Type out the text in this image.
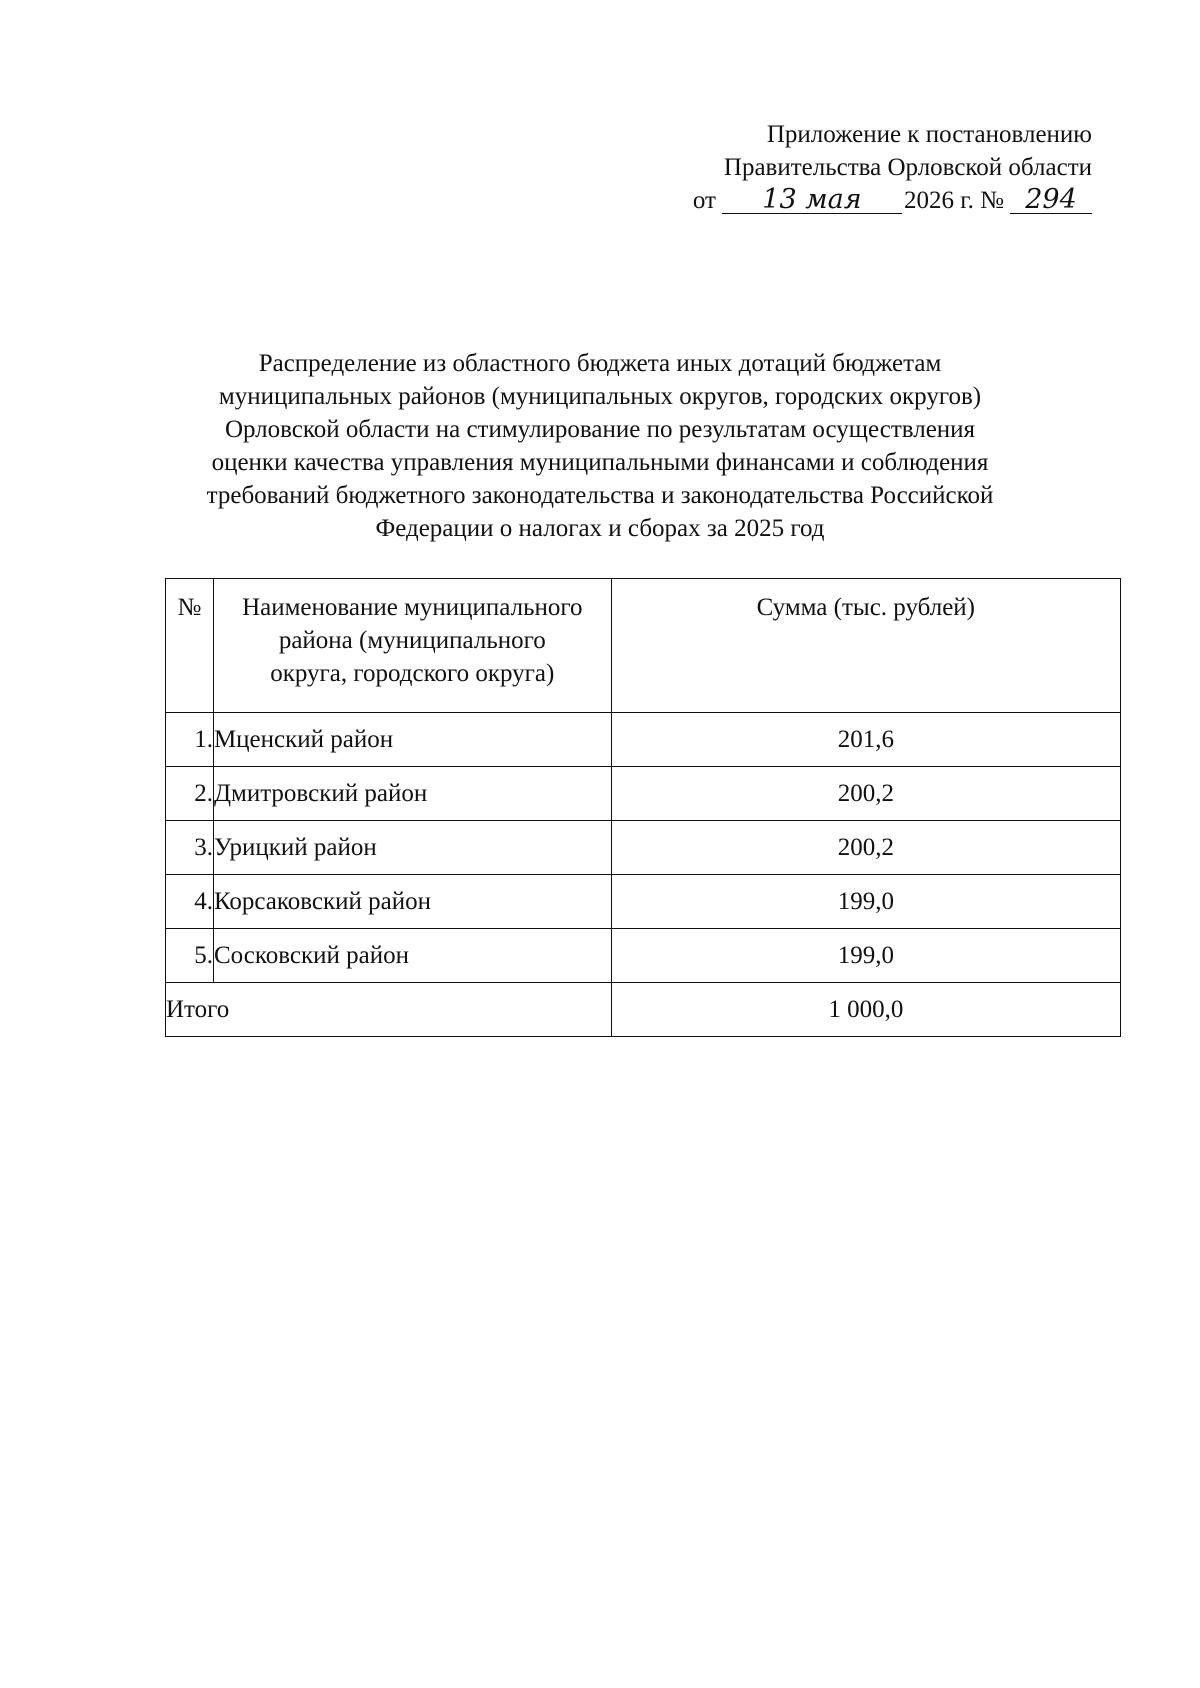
Приложение к постановлению
Правительства Орловской области
от 13 мая 2026 г. № 294
Распределение из областного бюджета иных дотаций бюджетам
муниципальных районов (муниципальных округов, городских округов)
Орловской области на стимулирование по результатам осуществления
оценки качества управления муниципальными финансами и соблюдения
требований бюджетного законодательства и законодательства Российской
Федерации о налогах и сборах за 2025 год
№	Наименование муниципального
района (муниципального
округа, городского округа)	Сумма (тыс. рублей)
1.	Мценский район	201,6
2.	Дмитровский район	200,2
3.	Урицкий район	200,2
4.	Корсаковский район	199,0
5.	Сосковский район	199,0
Итого		1 000,0
